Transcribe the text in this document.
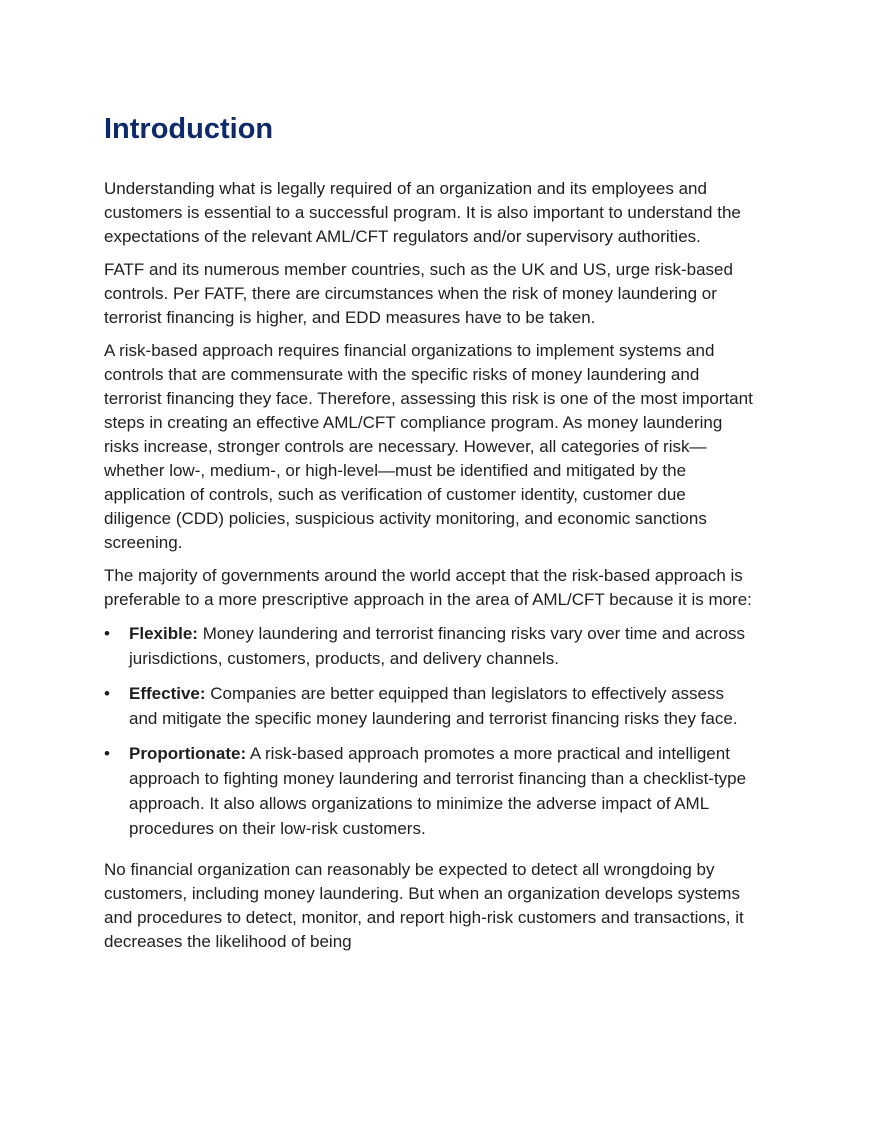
Introduction

Understanding what is legally required of an organization and its employees and customers is essential to a successful program. It is also important to understand the expectations of the relevant AML/CFT regulators and/or supervisory authorities.

FATF and its numerous member countries, such as the UK and US, urge risk-based controls. Per FATF, there are circumstances when the risk of money laundering or terrorist financing is higher, and EDD measures have to be taken.

A risk-based approach requires financial organizations to implement systems and controls that are commensurate with the specific risks of money laundering and terrorist financing they face. Therefore, assessing this risk is one of the most important steps in creating an effective AML/CFT compliance program. As money laundering risks increase, stronger controls are necessary. However, all categories of risk—whether low-, medium-, or high-level—must be identified and mitigated by the application of controls, such as verification of customer identity, customer due diligence (CDD) policies, suspicious activity monitoring, and economic sanctions screening.

The majority of governments around the world accept that the risk-based approach is preferable to a more prescriptive approach in the area of AML/CFT because it is more:

•	Flexible: Money laundering and terrorist financing risks vary over time and across jurisdictions, customers, products, and delivery channels.
•	Effective: Companies are better equipped than legislators to effectively assess and mitigate the specific money laundering and terrorist financing risks they face.
•	Proportionate: A risk-based approach promotes a more practical and intelligent approach to fighting money laundering and terrorist financing than a checklist-type approach. It also allows organizations to minimize the adverse impact of AML procedures on their low-risk customers.

No financial organization can reasonably be expected to detect all wrongdoing by customers, including money laundering. But when an organization develops systems and procedures to detect, monitor, and report high-risk customers and transactions, it decreases the likelihood of being
